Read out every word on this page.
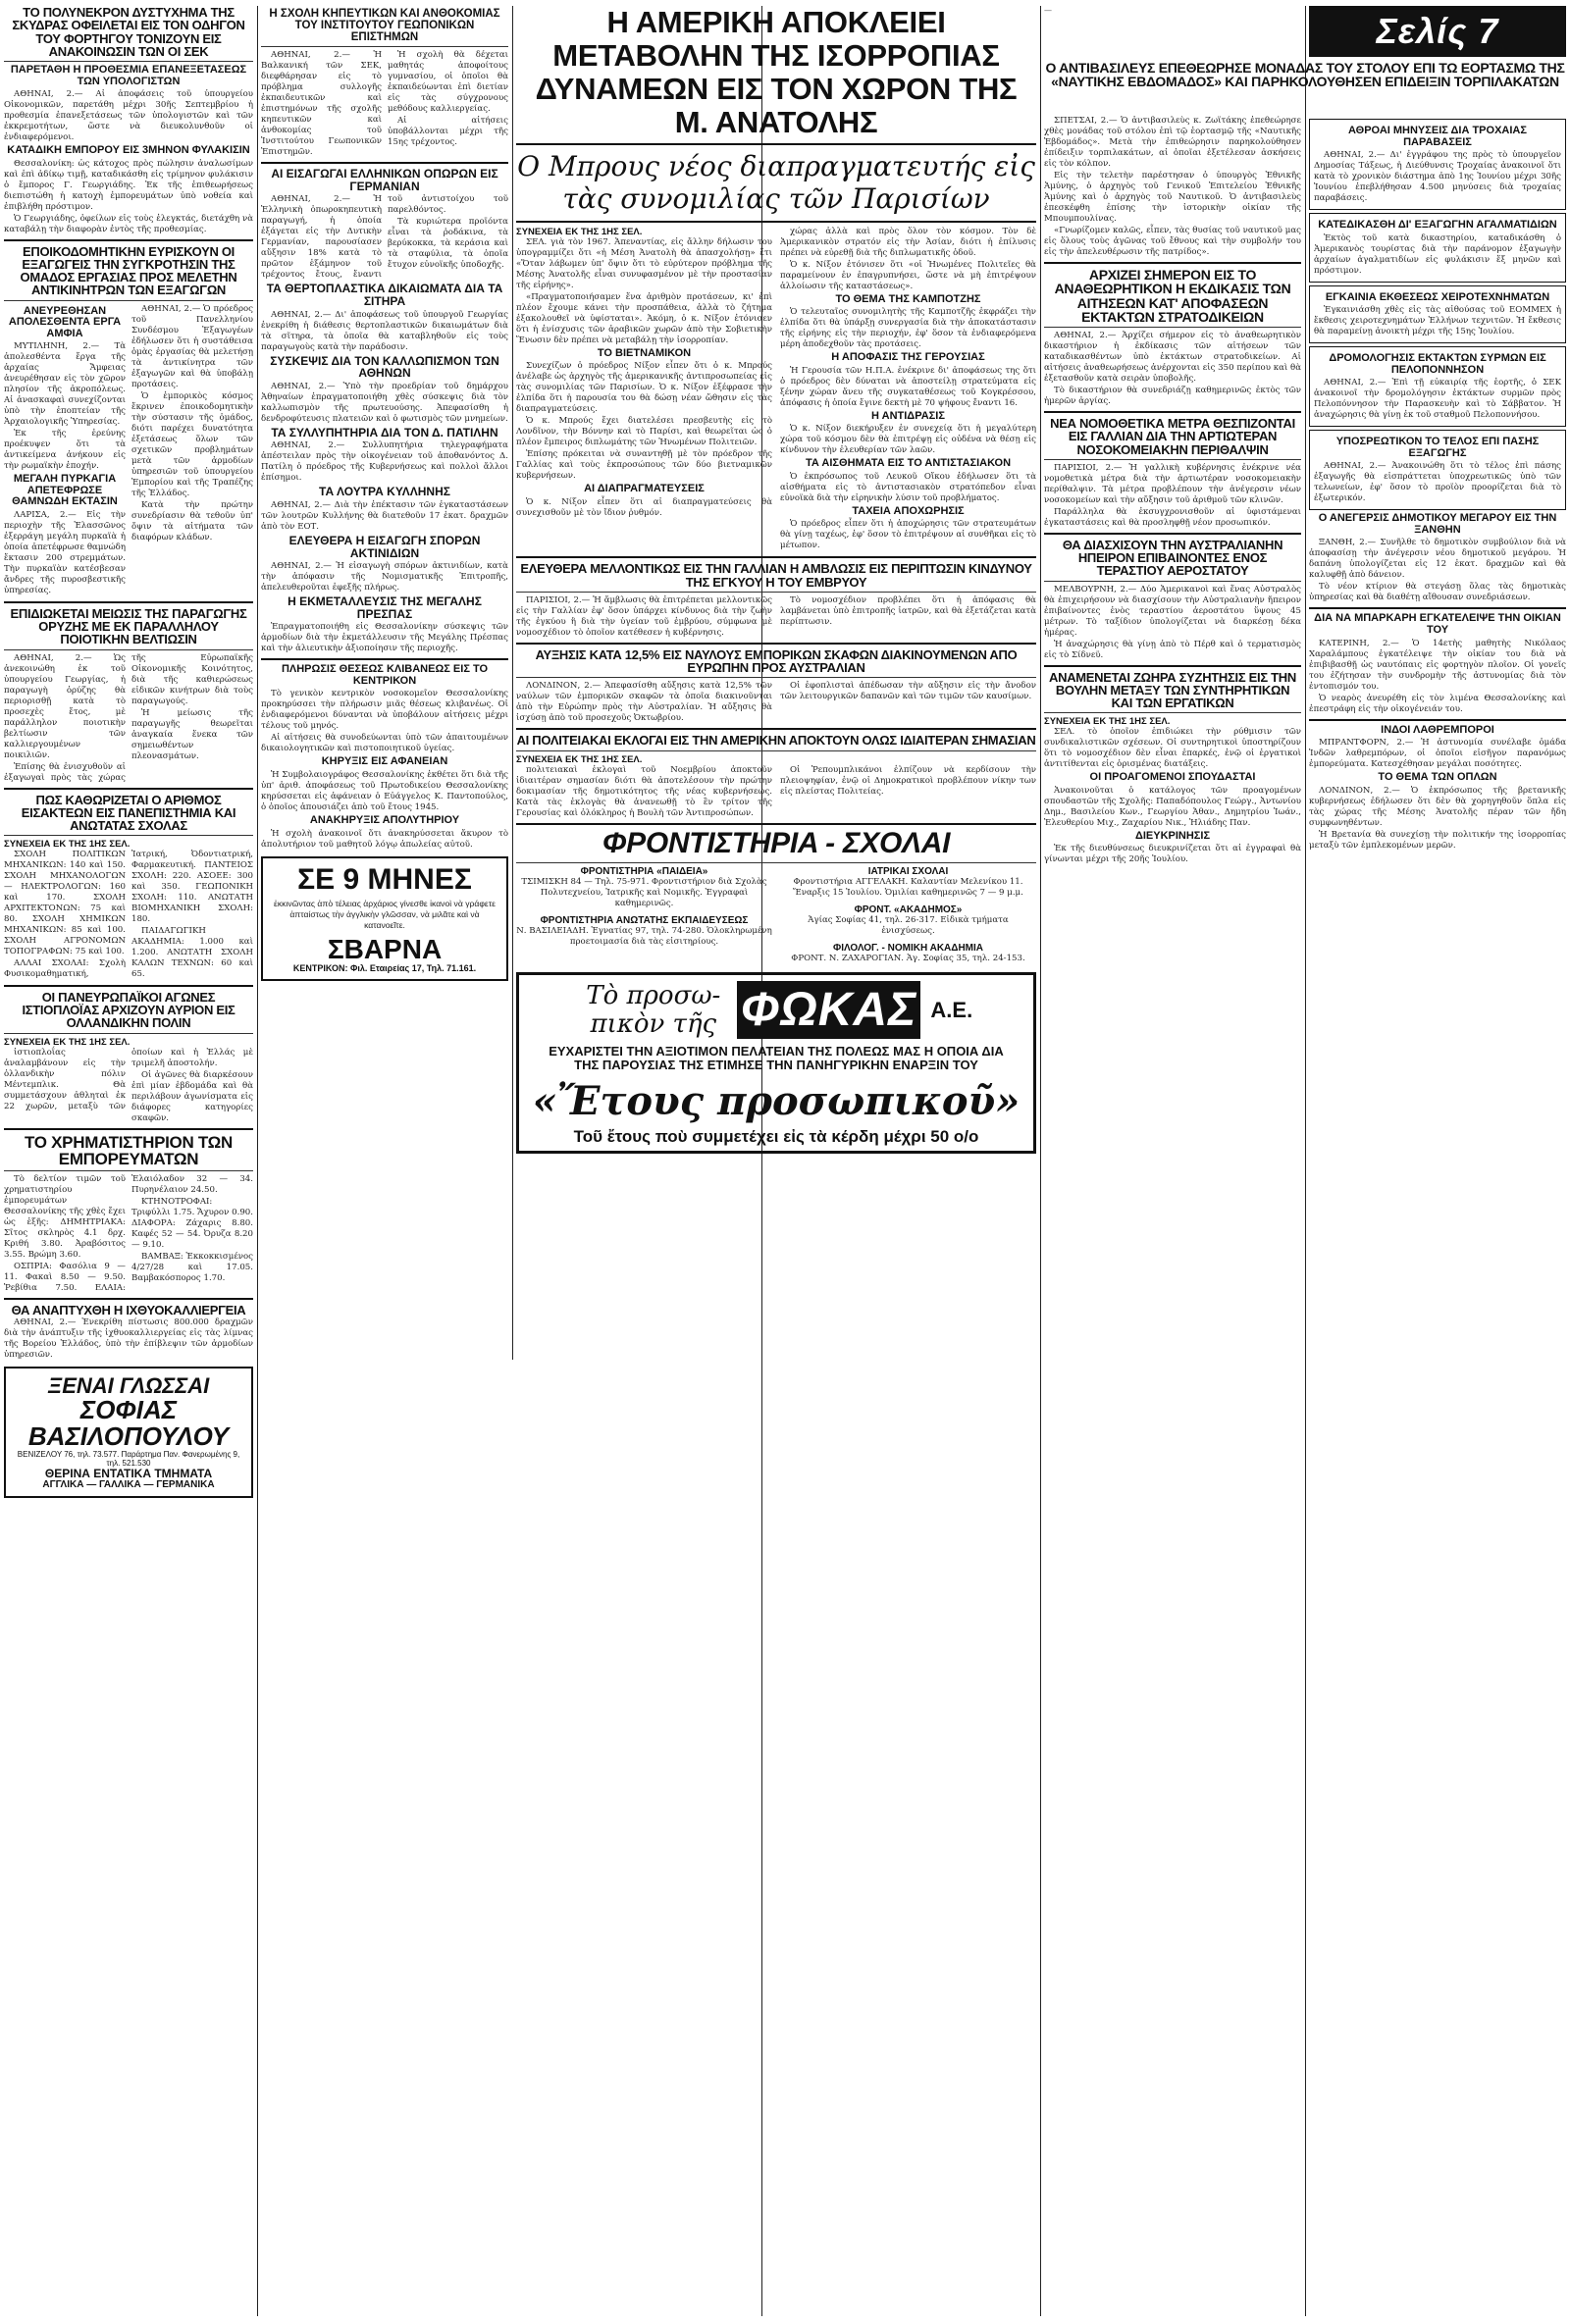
ΤΟ ΠΟΛΥΝΕΚΡΟΝ ΔΥΣΤΥΧΗΜΑ ΤΗΣ ΣΚΥΔΡΑΣ ΟΦΕΙΛΕΤΑΙ ΕΙΣ ΤΟΝ ΟΔΗΓΟΝ ΤΟΥ ΦΟΡΤΗΓΟΥ ΤΟΝΙΖΟΥΝ ΕΙΣ ΑΝΑΚΟΙΝΩΣΙΝ ΤΩΝ ΟΙ ΣΕΚ
ΠΑΡΕΤΑΘΗ Η ΠΡΟΘΕΣΜΙΑ ΕΠΑΝΕΞΕΤΑΣΕΩΣ ΤΩΝ ΥΠΟΛΟΓΙΣΤΩΝ

ΑΘΗΝΑΙ, 2.— Αἱ ἀποφάσεις τοῦ ὑπουργείου Οἰκονομικῶν, παρετάθη μέχρι 30ῆς Σεπτεμβρίου ἡ προθεσμία ἐπανεξετάσεως τῶν ὑπολογιστῶν καὶ τῶν ἐκκρεμοτήτων, ὥστε νὰ διευκολυνθοῦν οἱ ἐνδιαφερόμενοι.

ΚΑΤΑΔΙΚΗ ΕΜΠΟΡΟΥ ΕΙΣ 3ΜΗΝΟΝ ΦΥΛΑΚΙΣΙΝ

Θεσσαλονίκη: ὡς κάτοχος πρὸς πώλησιν ἀναλωσίμων καὶ ἐπὶ ἀδίκῳ τιμῇ, καταδικάσθη εἰς τρίμηνον φυλάκισιν ὁ ἔμπορος Γ. Γεωργιάδης. Ἐκ τῆς ἐπιθεωρήσεως διεπιστώθη ἡ κατοχὴ ἐμπορευμάτων ὑπὸ νοθεία καὶ ἐπιβλήθη πρόστιμον.

Ὁ Γεωργιάδης, ὀφείλων εἰς τοὺς ἐλεγκτάς, διετάχθη νὰ καταβάλῃ τὴν διαφορὰν ἐντὸς τῆς προθεσμίας.

ΕΠΟΙΚΟΔΟΜΗΤΙΚΗΝ ΕΥΡΙΣΚΟΥΝ ΟΙ ΕΞΑΓΩΓΕΙΣ ΤΗΝ ΣΥΓΚΡΟΤΗΣΙΝ ΤΗΣ ΟΜΑΔΟΣ ΕΡΓΑΣΙΑΣ ΠΡΟΣ ΜΕΛΕΤΗΝ ΑΝΤΙΚΙΝΗΤΡΩΝ ΤΩΝ ΕΞΑΓΩΓΩΝ
ΑΝΕΥΡΕΘΗΣΑΝ ΑΠΟΛΕΣΘΕΝΤΑ ΕΡΓΑ ΑΜΦΙΑ

ΜΥΤΙΛΗΝΗ, 2.— Τὰ ἀπολεσθέντα ἔργα τῆς ἀρχαίας Ἄμφειας ἀνευρέθησαν εἰς τὸν χῶρον πλησίον τῆς ἀκροπόλεως. Αἱ ἀνασκαφαὶ συνεχίζονται ὑπὸ τὴν ἐποπτείαν τῆς Ἀρχαιολογικῆς Ὑπηρεσίας.

Ἐκ τῆς ἐρεύνης προέκυψεν ὅτι τὰ ἀντικείμενα ἀνήκουν εἰς τὴν ρωμαϊκὴν ἐποχήν.

ΜΕΓΑΛΗ ΠΥΡΚΑΓΙΑ ΑΠΕΤΕΦΡΩΣΕ ΘΑΜΝΩΔΗ ΕΚΤΑΣΙΝ

ΛΑΡΙΣΑ, 2.— Εἰς τὴν περιοχὴν τῆς Ἐλασσῶνος ἐξερράγη μεγάλη πυρκαϊὰ ἡ ὁποία ἀπετέφρωσε θαμνώδη ἔκτασιν 200 στρεμμάτων. Τὴν πυρκαϊὰν κατέσβεσαν ἄνδρες τῆς πυροσβεστικῆς ὑπηρεσίας.

ΑΘΗΝΑΙ, 2.— Ὁ πρόεδρος τοῦ Πανελληνίου Συνδέσμου Ἐξαγωγέων ἐδήλωσεν ὅτι ἡ συστάθεισα ὁμὰς ἐργασίας θὰ μελετήσῃ τὰ ἀντικίνητρα τῶν ἐξαγωγῶν καὶ θὰ ὑποβάλῃ προτάσεις.

Ὁ ἐμπορικὸς κόσμος ἔκρινεν ἐποικοδομητικὴν τὴν σύστασιν τῆς ὁμάδος, διότι παρέχει δυνατότητα ἐξετάσεως ὅλων τῶν σχετικῶν προβλημάτων μετὰ τῶν ἀρμοδίων ὑπηρεσιῶν τοῦ ὑπουργείου Ἐμπορίου καὶ τῆς Τραπέζης τῆς Ἑλλάδος.

Κατὰ τὴν πρώτην συνεδρίασιν θὰ τεθοῦν ὑπ' ὄψιν τὰ αἰτήματα τῶν διαφόρων κλάδων.

ΕΠΙΔΙΩΚΕΤΑΙ ΜΕΙΩΣΙΣ ΤΗΣ ΠΑΡΑΓΩΓΗΣ ΟΡΥΖΗΣ ΜΕ ΕΚ ΠΑΡΑΛΛΗΛΟΥ ΠΟΙΟΤΙΚΗΝ ΒΕΛΤΙΩΣΙΝ

ΑΘΗΝΑΙ, 2.— Ὡς ἀνεκοινώθη ἐκ τοῦ ὑπουργείου Γεωργίας, ἡ παραγωγὴ ὀρύζης θὰ περιορισθῇ κατὰ τὸ προσεχὲς ἔτος, μὲ παράλληλον ποιοτικὴν βελτίωσιν τῶν καλλιεργουμένων ποικιλιῶν.

Ἐπίσης θὰ ἐνισχυθοῦν αἱ ἐξαγωγαὶ πρὸς τὰς χώρας τῆς Εὐρωπαϊκῆς Οἰκονομικῆς Κοινότητος, διὰ τῆς καθιερώσεως εἰδικῶν κινήτρων διὰ τοὺς παραγωγούς.

Ἡ μείωσις τῆς παραγωγῆς θεωρεῖται ἀναγκαία ἕνεκα τῶν σημειωθέντων πλεονασμάτων.

ΠΩΣ ΚΑΘΩΡΙΖΕΤΑΙ Ο ΑΡΙΘΜΟΣ ΕΙΣΑΚΤΕΩΝ ΕΙΣ ΠΑΝΕΠΙΣΤΗΜΙΑ ΚΑΙ ΑΝΩΤΑΤΑΣ ΣΧΟΛΑΣ
ΣΥΝΕΧΕΙΑ ΕΚ ΤΗΣ 1ΗΣ ΣΕΛ.

ΣΧΟΛΗ ΠΟΛΙΤΙΚΩΝ ΜΗΧΑΝΙΚΩΝ: 140 καὶ 150. ΣΧΟΛΗ ΜΗΧΑΝΟΛΟΓΩΝ — ΗΛΕΚΤΡΟΛΟΓΩΝ: 160 καὶ 170. ΣΧΟΛΗ ΑΡΧΙΤΕΚΤΟΝΩΝ: 75 καὶ 80. ΣΧΟΛΗ ΧΗΜΙΚΩΝ ΜΗΧΑΝΙΚΩΝ: 85 καὶ 100. ΣΧΟΛΗ ΑΓΡΟΝΟΜΩΝ ΤΟΠΟΓΡΑΦΩΝ: 75 καὶ 100.

ΑΛΛΑΙ ΣΧΟΛΑΙ: Σχολὴ Φυσικομαθηματική, Ἰατρική, Ὀδοντιατρική, Φαρμακευτική. ΠΑΝΤΕΙΟΣ ΣΧΟΛΗ: 220. ΑΣΟΕΕ: 300 καὶ 350. ΓΕΩΠΟΝΙΚΗ ΣΧΟΛΗ: 110. ΑΝΩΤΑΤΗ ΒΙΟΜΗΧΑΝΙΚΗ ΣΧΟΛΗ: 180.

ΠΑΙΔΑΓΩΓΙΚΗ ΑΚΑΔΗΜΙΑ: 1.000 καὶ 1.200. ΑΝΩΤΑΤΗ ΣΧΟΛΗ ΚΑΛΩΝ ΤΕΧΝΩΝ: 60 καὶ 65.

ΟΙ ΠΑΝΕΥΡΩΠΑΪΚΟΙ ΑΓΩΝΕΣ ΙΣΤΙΟΠΛΟΪΑΣ ΑΡΧΙΖΟΥΝ ΑΥΡΙΟΝ ΕΙΣ ΟΛΛΑΝΔΙΚΗΝ ΠΟΛΙΝ
ΣΥΝΕΧΕΙΑ ΕΚ ΤΗΣ 1ΗΣ ΣΕΛ.

ἰστιοπλοΐας ἀναλαμβάνουν εἰς τὴν ὀλλανδικὴν πόλιν Μέντεμπλικ. Θὰ συμμετάσχουν ἀθληταὶ ἐκ 22 χωρῶν, μεταξὺ τῶν ὁποίων καὶ ἡ Ἑλλάς μὲ τριμελῆ ἀποστολήν.

Οἱ ἀγῶνες θὰ διαρκέσουν ἐπὶ μίαν ἑβδομάδα καὶ θὰ περιλάβουν ἀγωνίσματα εἰς διάφορες κατηγορίες σκαφῶν.

ΤΟ ΧΡΗΜΑΤΙΣΤΗΡΙΟΝ ΤΩΝ ΕΜΠΟΡΕΥΜΑΤΩΝ

Τὸ δελτίον τιμῶν τοῦ χρηματιστηρίου ἐμπορευμάτων Θεσσαλονίκης τῆς χθὲς ἔχει ὡς ἑξῆς: ΔΗΜΗΤΡΙΑΚΑ: Σῖτος σκληρὸς 4.1 δρχ. Κριθή 3.80. Ἀραβόσιτος 3.55. Βρώμη 3.60.

ΟΣΠΡΙΑ: Φασόλια 9 — 11. Φακαὶ 8.50 — 9.50. Ῥεβίθια 7.50. ΕΛΑΙΑ: Ἐλαιόλαδον 32 — 34. Πυρηνέλαιον 24.50.

ΚΤΗΝΟΤΡΟΦΑΙ: Τριφύλλι 1.75. Ἄχυρον 0.90. ΔΙΑΦΟΡΑ: Ζάχαρις 8.80. Καφές 52 — 54. Ὀρυζα 8.20 — 9.10.

ΒΑΜΒΑΞ: Ἐκκοκκισμένος 4/27/28 καὶ 17.05. Βαμβακόσπορος 1.70.

ΘΑ ΑΝΑΠΤΥΧΘΗ Η ΙΧΘΥΟΚΑΛΛΙΕΡΓΕΙΑ

ΑΘΗΝΑΙ, 2.— Ἐνεκρίθη πίστωσις 800.000 δραχμῶν διὰ τὴν ἀνάπτυξιν τῆς ἰχθυοκαλλιεργείας εἰς τὰς λίμνας τῆς Βορείου Ἑλλάδος, ὑπὸ τὴν ἐπίβλεψιν τῶν ἁρμοδίων ὑπηρεσιῶν.

ΞΕΝΑΙ ΓΛΩΣΣΑΙ
ΣΟΦΙΑΣ ΒΑΣΙΛΟΠΟΥΛΟΥ
ΒΕΝΙΖΕΛΟΥ 76, τηλ. 73.577. Παράρτημα Παν. Φανερωμένης 9, τηλ. 521.530
ΘΕΡΙΝΑ ΕΝΤΑΤΙΚΑ ΤΜΗΜΑΤΑ
ΑΓΓΛΙΚΑ — ΓΑΛΛΙΚΑ — ΓΕΡΜΑΝΙΚΑ
Η ΣΧΟΛΗ ΚΗΠΕΥΤΙΚΩΝ ΚΑΙ ΑΝΘΟΚΟΜΙΑΣ ΤΟΥ ΙΝΣΤΙΤΟΥΤΟΥ ΓΕΩΠΟΝΙΚΩΝ ΕΠΙΣΤΗΜΩΝ

ΑΘΗΝΑΙ, 2.— Ἡ Βαλκανική τῶν ΣΕΚ, διεφθάρησαν εἰς τὸ πρόβλημα συλλογῆς ἐκπαιδευτικῶν καὶ ἐπιστημόνων τῆς σχολῆς κηπευτικῶν καὶ ἀνθοκομίας τοῦ Ἰνστιτούτου Γεωπονικῶν Ἐπιστημῶν.

Ἡ σχολὴ θὰ δέχεται μαθητάς ἀποφοίτους γυμνασίου, οἱ ὁποῖοι θὰ ἐκπαιδεύωνται ἐπὶ διετίαν εἰς τὰς σύγχρονους μεθόδους καλλιεργείας.

Αἱ αἰτήσεις ὑποβάλλονται μέχρι τῆς 15ης τρέχοντος.

ΑΙ ΕΙΣΑΓΩΓΑΙ ΕΛΛΗΝΙΚΩΝ ΟΠΩΡΩΝ ΕΙΣ ΓΕΡΜΑΝΙΑΝ

ΑΘΗΝΑΙ, 2.— Ἡ Ἑλληνικὴ ὀπωροκηπευτικὴ παραγωγή, ἡ ὁποία ἐξάγεται εἰς τὴν Δυτικὴν Γερμανίαν, παρουσίασεν αὔξησιν 18% κατὰ τὸ πρῶτον ἑξάμηνον τοῦ τρέχοντος ἔτους, ἔναντι τοῦ ἀντιστοίχου τοῦ παρελθόντος.

Τὰ κυριώτερα προϊόντα εἶναι τὰ ῥοδάκινα, τὰ βερύκοκκα, τὰ κεράσια καὶ τὰ σταφύλια, τὰ ὁποῖα ἔτυχον εὐνοϊκῆς ὑποδοχῆς.

ΤΑ ΘΕΡΤΟΠΛΑΣΤΙΚΑ ΔΙΚΑΙΩΜΑΤΑ ΔΙΑ ΤΑ ΣΙΤΗΡΑ

ΑΘΗΝΑΙ, 2.— Δι' ἀποφάσεως τοῦ ὑπουργοῦ Γεωργίας ἐνεκρίθη ἡ διάθεσις θερτοπλαστικῶν δικαιωμάτων διὰ τὰ σῖτηρα, τὰ ὁποῖα θὰ καταβληθοῦν εἰς τοὺς παραγωγοὺς κατὰ τὴν παράδοσιν.

ΣΥΣΚΕΨΙΣ ΔΙΑ ΤΟΝ ΚΑΛΛΩΠΙΣΜΟΝ ΤΩΝ ΑΘΗΝΩΝ

ΑΘΗΝΑΙ, 2.— Ὑπὸ τὴν προεδρίαν τοῦ δημάρχου Ἀθηναίων ἐπραγματοποιήθη χθὲς σύσκεψις διὰ τὸν καλλωπισμὸν τῆς πρωτευούσης. Ἀπεφασίσθη ἡ δενδροφύτευσις πλατειῶν καὶ ὁ φωτισμὸς τῶν μνημείων.

ΤΑ ΣΥΛΛΥΠΗΤΗΡΙΑ ΔΙΑ ΤΟΝ Δ. ΠΑΤΙΛΗΝ

ΑΘΗΝΑΙ, 2.— Συλλυπητήρια τηλεγραφήματα ἀπέστειλαν πρὸς τὴν οἰκογένειαν τοῦ ἀποθανόντος Δ. Πατίλη ὁ πρόεδρος τῆς Κυβερνήσεως καὶ πολλοὶ ἄλλοι ἐπίσημοι.

ΤΑ ΛΟΥΤΡΑ ΚΥΛΛΗΝΗΣ

ΑΘΗΝΑΙ, 2.— Διὰ τὴν ἐπέκτασιν τῶν ἐγκαταστάσεων τῶν λουτρῶν Κυλλήνης θὰ διατεθοῦν 17 ἑκατ. δραχμῶν ἀπὸ τὸν ΕΟΤ.

ΕΛΕΥΘΕΡΑ Η ΕΙΣΑΓΩΓΗ ΣΠΟΡΩΝ ΑΚΤΙΝΙΔΙΩΝ

ΑΘΗΝΑΙ, 2.— Ἡ εἰσαγωγὴ σπόρων ἀκτινιδίων, κατὰ τὴν ἀπόφασιν τῆς Νομισματικῆς Ἐπιτροπῆς, ἀπελευθεροῦται ἐφεξῆς πλήρως.

Η ΕΚΜΕΤΑΛΛΕΥΣΙΣ ΤΗΣ ΜΕΓΑΛΗΣ ΠΡΕΣΠΑΣ

Ἐπραγματοποιήθη εἰς Θεσσαλονίκην σύσκεψις τῶν ἀρμοδίων διὰ τὴν ἐκμετάλλευσιν τῆς Μεγάλης Πρέσπας καὶ τὴν ἀλιευτικὴν ἀξιοποίησιν τῆς περιοχῆς.

ΠΛΗΡΩΣΙΣ ΘΕΣΕΩΣ ΚΛΙΒΑΝΕΩΣ ΕΙΣ ΤΟ ΚΕΝΤΡΙΚΟΝ

Τὸ γενικὸν κεντρικὸν νοσοκομεῖον Θεσσαλονίκης προκηρύσσει τὴν πλήρωσιν μιᾶς θέσεως κλιβανέως. Οἱ ἐνδιαφερόμενοι δύνανται νὰ ὑποβάλουν αἰτήσεις μέχρι τέλους τοῦ μηνός.

Αἱ αἰτήσεις θὰ συνοδεύωνται ὑπὸ τῶν ἀπαιτουμένων δικαιολογητικῶν καὶ πιστοποιητικοῦ ὑγείας.

ΚΗΡΥΞΙΣ ΕΙΣ ΑΦΑΝΕΙΑΝ

Ἡ Συμβολαιογράφος Θεσσαλονίκης ἐκθέτει ὅτι διὰ τῆς ὑπ' ἀριθ. ἀποφάσεως τοῦ Πρωτοδικείου Θεσσαλονίκης κηρύσσεται εἰς ἀφάνειαν ὁ Εὐάγγελος Κ. Παντοπούλος, ὁ ὁποῖος ἀπουσιάζει ἀπὸ τοῦ ἔτους 1945.

ΑΝΑΚΗΡΥΞΙΣ ΑΠΟΛΥΤΗΡΙΟΥ

Ἡ σχολὴ ἀνακοινοῖ ὅτι ἀνακηρύσσεται ἄκυρον τὸ ἀπολυτήριον τοῦ μαθητοῦ λόγῳ ἀπωλείας αὐτοῦ.

ΣΕ 9 ΜΗΝΕΣ
ἐκκινῶντας ἀπὸ τέλειας ἀρχάριος γίνεσθε ἱκανοὶ νὰ γράφετε ἀπταίστως τὴν ἀγγλικὴν γλῶσσαν, νὰ μιλᾶτε καὶ νὰ κατανοεῖτε.
ΣΒΑΡΝΑ
ΚΕΝΤΡΙΚΟΝ: Φιλ. Εταιρείας 17, Τηλ. 71.161.
Η ΑΜΕΡΙΚΗ ΑΠΟΚΛΕΙΕΙ ΜΕΤΑΒΟΛΗΝ ΤΗΣ ΙΣΟΡΡΟΠΙΑΣ ΔΥΝΑΜΕΩΝ ΕΙΣ ΤΟΝ ΧΩΡΟΝ ΤΗΣ Μ. ΑΝΑΤΟΛΗΣ
Ο Μπρους νέος διαπραγματευτής εἰς τὰς συνομιλίας τῶν Παρισίων
ΣΥΝΕΧΕΙΑ ΕΚ ΤΗΣ 1ΗΣ ΣΕΛ.

ΣΕΛ. γιὰ τὸν 1967. Ἀπεναντίας, εἰς ἄλλην δήλωσιν του ὑπογραμμίζει ὅτι «ἡ Μέση Ἀνατολὴ θὰ ἀπασχολήσῃ» ἔτι «Ὅταν λάβωμεν ὑπ' ὄψιν ὅτι τὸ εὐρύτερον πρόβλημα τῆς Μέσης Ἀνατολῆς εἶναι συνυφασμένον μὲ τὴν προστασίαν τῆς εἰρήνης».

«Πραγματοποιήσαμεν ἕνα ἀριθμὸν προτάσεων, κι' ἐπὶ πλέον ἔχουμε κάνει τὴν προσπάθεια, ἀλλὰ τὸ ζήτημα ἐξακολουθεῖ νὰ ὑφίσταται». Ἀκόμη, ὁ κ. Νίξον ἐτόνισεν ὅτι ἡ ἐνίσχυσις τῶν ἀραβικῶν χωρῶν ἀπὸ τὴν Σοβιετικὴν Ἕνωσιν δὲν πρέπει νὰ μεταβάλῃ τὴν ἰσορροπίαν.

ΤΟ ΒΙΕΤΝΑΜΙΚΟΝ

Συνεχίζων ὁ πρόεδρος Νίξον εἶπεν ὅτι ὁ κ. Μπρούς ἀνέλαβε ὡς ἀρχηγὸς τῆς ἀμερικανικῆς ἀντιπροσωπείας εἰς τὰς συνομιλίας τῶν Παρισίων. Ὁ κ. Νίξον ἐξέφρασε τὴν ἐλπίδα ὅτι ἡ παρουσία του θὰ δώσῃ νέαν ὤθησιν εἰς τὰς διαπραγματεύσεις.

Ὁ κ. Μπρούς ἔχει διατελέσει πρεσβευτὴς εἰς τὸ Λονδῖνον, τὴν Βόννην καὶ τὸ Παρίσι, καὶ θεωρεῖται ὡς ὁ πλέον ἔμπειρος διπλωμάτης τῶν Ἡνωμένων Πολιτειῶν.

Ἐπίσης πρόκειται νὰ συναντηθῇ μὲ τὸν πρόεδρον τῆς Γαλλίας καὶ τοὺς ἐκπροσώπους τῶν δύο βιετναμικῶν κυβερνήσεων.

ΑΙ ΔΙΑΠΡΑΓΜΑΤΕΥΣΕΙΣ

Ὁ κ. Νίξον εἶπεν ὅτι αἱ διαπραγματεύσεις θὰ συνεχισθοῦν μὲ τὸν ἴδιον ῥυθμόν.

χώρας ἀλλὰ καὶ πρὸς ὅλον τὸν κόσμον. Τὸν δὲ Ἀμερικανικὸν στρατόν εἰς τὴν Ἀσίαν, διότι ἡ ἐπίλυσις πρέπει νὰ εὐρεθῇ διὰ τῆς διπλωματικῆς ὁδοῦ.

Ὁ κ. Νίξον ἐτόνισεν ὅτι «οἱ Ἡνωμένες Πολιτεῖες θὰ παραμείνουν ἐν ἐπαγρυπνήσει, ὥστε νὰ μὴ ἐπιτρέψουν ἀλλοίωσιν τῆς καταστάσεως».

ΤΟ ΘΕΜΑ ΤΗΣ ΚΑΜΠΟΤΖΗΣ

Ὁ τελευταῖος συνομιλητὴς τῆς Καμποτζῆς ἐκφράζει τὴν ἐλπίδα ὅτι θὰ ὑπάρξῃ συνεργασία διὰ τὴν ἀποκατάστασιν τῆς εἰρήνης εἰς τὴν περιοχήν, ἐφ' ὅσον τὰ ἐνδιαφερόμενα μέρη ἀποδεχθοῦν τὰς προτάσεις.

Η ΑΠΟΦΑΣΙΣ ΤΗΣ ΓΕΡΟΥΣΙΑΣ

Ἡ Γερουσία τῶν Η.Π.Α. ἐνέκρινε δι' ἀποφάσεως της ὅτι ὁ πρόεδρος δὲν δύναται νὰ ἀποστείλῃ στρατεύματα εἰς ξένην χώραν ἄνευ τῆς συγκαταθέσεως τοῦ Κογκρέσσου, ἀπόφασις ἡ ὁποία ἔγινε δεκτὴ μὲ 70 ψήφους ἔναντι 16.

Η ΑΝΤΙΔΡΑΣΙΣ

Ὁ κ. Νίξον διεκήρυξεν ἐν συνεχείᾳ ὅτι ἡ μεγαλύτερη χώρα τοῦ κόσμου δὲν θὰ ἐπιτρέψῃ εἰς οὐδένα νὰ θέσῃ εἰς κίνδυνον τὴν ἐλευθερίαν τῶν λαῶν.

ΤΑ ΑΙΣΘΗΜΑΤΑ ΕΙΣ ΤΟ ΑΝΤΙΣΤΑΣΙΑΚΟΝ

Ὁ ἐκπρόσωπος τοῦ Λευκοῦ Οἴκου ἐδήλωσεν ὅτι τὰ αἰσθήματα εἰς τὸ ἀντιστασιακὸν στρατόπεδον εἶναι εὐνοϊκὰ διὰ τὴν εἰρηνικὴν λύσιν τοῦ προβλήματος.

ΤΑΧΕΙΑ ΑΠΟΧΩΡΗΣΙΣ

Ὁ πρόεδρος εἶπεν ὅτι ἡ ἀποχώρησις τῶν στρατευμάτων θὰ γίνῃ ταχέως, ἐφ' ὅσον τὸ ἐπιτρέψουν αἱ συνθῆκαι εἰς τὸ μέτωπον.

ΕΛΕΥΘΕΡΑ ΜΕΛΛΟΝΤΙΚΩΣ ΕΙΣ ΤΗΝ ΓΑΛΛΙΑΝ Η ΑΜΒΛΩΣΙΣ ΕΙΣ ΠΕΡΙΠΤΩΣΙΝ ΚΙΝΔΥΝΟΥ ΤΗΣ ΕΓΚΥΟΥ Η ΤΟΥ ΕΜΒΡΥΟΥ

ΠΑΡΙΣΙΟΙ, 2.— Ἡ ἄμβλωσις θὰ ἐπιτρέπεται μελλοντικῶς εἰς τὴν Γαλλίαν ἐφ' ὅσον ὑπάρχει κίνδυνος διὰ τὴν ζωὴν τῆς ἐγκύου ἢ διὰ τὴν ὑγείαν τοῦ ἐμβρύου, σύμφωνα μὲ νομοσχέδιον τὸ ὁποῖον κατέθεσεν ἡ κυβέρνησις.

Τὸ νομοσχέδιον προβλέπει ὅτι ἡ ἀπόφασις θὰ λαμβάνεται ὑπὸ ἐπιτροπῆς ἰατρῶν, καὶ θὰ ἐξετάζεται κατὰ περίπτωσιν.

ΑΥΞΗΣΙΣ ΚΑΤΑ 12,5% ΕΙΣ ΝΑΥΛΟΥΣ ΕΜΠΟΡΙΚΩΝ ΣΚΑΦΩΝ ΔΙΑΚΙΝΟΥΜΕΝΩΝ ΑΠΟ ΕΥΡΩΠΗΝ ΠΡΟΣ ΑΥΣΤΡΑΛΙΑΝ

ΛΟΝΔΙΝΟΝ, 2.— Ἀπεφασίσθη αὔξησις κατὰ 12,5% τῶν ναύλων τῶν ἐμπορικῶν σκαφῶν τὰ ὁποῖα διακινοῦνται ἀπὸ τὴν Εὐρώπην πρὸς τὴν Αὐστραλίαν. Ἡ αὔξησις θὰ ἰσχύσῃ ἀπὸ τοῦ προσεχοῦς Ὀκτωβρίου.

Οἱ ἐφοπλισταὶ ἀπέδωσαν τὴν αὔξησιν εἰς τὴν ἄνοδον τῶν λειτουργικῶν δαπανῶν καὶ τῶν τιμῶν τῶν καυσίμων.

ΑΙ ΠΟΛΙΤΕΙΑΚΑΙ ΕΚΛΟΓΑΙ ΕΙΣ ΤΗΝ ΑΜΕΡΙΚΗΝ ΑΠΟΚΤΟΥΝ ΟΛΩΣ ΙΔΙΑΙΤΕΡΑΝ ΣΗΜΑΣΙΑΝ
ΣΥΝΕΧΕΙΑ ΕΚ ΤΗΣ 1ΗΣ ΣΕΛ.

πολιτειακαὶ ἐκλογαὶ τοῦ Νοεμβρίου ἀποκτοῦν ἰδιαιτέραν σημασίαν διότι θὰ ἀποτελέσουν τὴν πρώτην δοκιμασίαν τῆς δημοτικότητος τῆς νέας κυβερνήσεως. Κατὰ τὰς ἐκλογὰς θὰ ἀνανεωθῇ τὸ ἓν τρίτον τῆς Γερουσίας καὶ ὁλόκληρος ἡ Βουλὴ τῶν Ἀντιπροσώπων.

Οἱ Ῥεπουμπλικάνοι ἐλπίζουν νὰ κερδίσουν τὴν πλειοψηφίαν, ἐνῷ οἱ Δημοκρατικοὶ προβλέπουν νίκην των εἰς πλείστας Πολιτείας.

ΦΡΟΝΤΙΣΤΗΡΙΑ - ΣΧΟΛΑΙ
ΦΡΟΝΤΙΣΤΗΡΙΑ «ΠΑΙΔΕΙΑ»
ΤΣΙΜΙΣΚΗ 84 — Τηλ. 75-971. Φροντιστήριον διὰ Σχολὰς Πολυτεχνείου, Ἰατρικῆς καὶ Νομικῆς. Ἐγγραφαὶ καθημερινῶς.
ΦΡΟΝΤΙΣΤΗΡΙΑ ΑΝΩΤΑΤΗΣ ΕΚΠΑΙΔΕΥΣΕΩΣ
Ν. ΒΑΣΙΛΕΙΑΔΗ. Ἐγνατίας 97, τηλ. 74-280. Ὁλοκληρωμένη προετοιμασία διὰ τὰς εἰσιτηρίους.
ΙΑΤΡΙΚΑΙ ΣΧΟΛΑΙ
Φροντιστήρια ΑΓΓΕΛΑΚΗ. Καλαντίαν Μελενίκου 11. Ἔναρξις 15 Ἰουλίου. Ὁμιλίαι καθημερινῶς 7 — 9 μ.μ.
ΦΡΟΝΤ. «ΑΚΑΔΗΜΟΣ»
Ἀγίας Σοφίας 41, τηλ. 26-317. Εἰδικὰ τμήματα ἐνισχύσεως.
ΦΙΛΟΛΟΓ. - ΝΟΜΙΚΗ ΑΚΑΔΗΜΙΑ
ΦΡΟΝΤ. Ν. ΖΑΧΑΡΟΓΙΑΝ. Ἁγ. Σοφίας 35, τηλ. 24-153.
Τὸ προσω-πικὸν τῆς ΦΩΚΑΣ Α.Ε.
ΕΥΧΑΡΙΣΤΕΙ ΤΗΝ ΑΞΙΟΤΙΜΟΝ ΠΕΛΑΤΕΙΑΝ ΤΗΣ ΠΟΛΕΩΣ ΜΑΣ Η ΟΠΟΙΑ ΔΙΑ ΤΗΣ ΠΑΡΟΥΣΙΑΣ ΤΗΣ ΕΤΙΜΗΣΕ ΤΗΝ ΠΑΝΗΓΥΡΙΚΗΝ ΕΝΑΡΞΙΝ ΤΟΥ
«Ἔτους προσωπικοῦ»
Τοῦ ἔτους ποὺ συμμετέχει εἰς τὰ κέρδη μέχρι 50 ο/ο
—
Ο ΑΝΤΙΒΑΣΙΛΕΥΣ ΕΠΕΘΕΩΡΗΣΕ ΜΟΝΑΔΑΣ ΤΟΥ ΣΤΟΛΟΥ ΕΠΙ ΤΩ ΕΟΡΤΑΣΜΩ ΤΗΣ «ΝΑΥΤΙΚΗΣ ΕΒΔΟΜΑΔΟΣ» ΚΑΙ ΠΑΡΗΚΟΛΟΥΘΗΣΕΝ ΕΠΙΔΕΙΞΙΝ ΤΟΡΠΙΛΑΚΑΤΩΝ

ΣΠΕΤΣΑΙ, 2.— Ὁ ἀντιβασιλεὺς κ. Ζωϊτάκης ἐπεθεώρησε χθὲς μονάδας τοῦ στόλου ἐπὶ τῷ ἑορτασμῷ τῆς «Ναυτικῆς Ἑβδομάδος». Μετὰ τὴν ἐπιθεώρησιν παρηκολούθησεν ἐπίδειξιν τορπιλακάτων, αἱ ὁποῖαι ἐξετέλεσαν ἀσκήσεις εἰς τὸν κόλπον.

Εἰς τὴν τελετὴν παρέστησαν ὁ ὑπουργὸς Ἐθνικῆς Ἀμύνης, ὁ ἀρχηγὸς τοῦ Γενικοῦ Ἐπιτελείου Ἐθνικῆς Ἀμύνης καὶ ὁ ἀρχηγὸς τοῦ Ναυτικοῦ. Ὁ ἀντιβασιλεὺς ἐπεσκέφθη ἐπίσης τὴν ἱστορικὴν οἰκίαν τῆς Μπουμπουλίνας.

«Γνωρίζομεν καλῶς, εἶπεν, τὰς θυσίας τοῦ ναυτικοῦ μας εἰς ὅλους τοὺς ἀγῶνας τοῦ ἔθνους καὶ τὴν συμβολήν του εἰς τὴν ἀπελευθέρωσιν τῆς πατρίδος».

ΑΡΧΙΖΕΙ ΣΗΜΕΡΟΝ ΕΙΣ ΤΟ ΑΝΑΘΕΩΡΗΤΙΚΟΝ Η ΕΚΔΙΚΑΣΙΣ ΤΩΝ ΑΙΤΗΣΕΩΝ ΚΑΤ' ΑΠΟΦΑΣΕΩΝ ΕΚΤΑΚΤΩΝ ΣΤΡΑΤΟΔΙΚΕΙΩΝ

ΑΘΗΝΑΙ, 2.— Ἀρχίζει σήμερον εἰς τὸ ἀναθεωρητικὸν δικαστήριον ἡ ἐκδίκασις τῶν αἰτήσεων τῶν καταδικασθέντων ὑπὸ ἐκτάκτων στρατοδικείων. Αἱ αἰτήσεις ἀναθεωρήσεως ἀνέρχονται εἰς 350 περίπου καὶ θὰ ἐξετασθοῦν κατὰ σειρὰν ὑποβολῆς.

Τὸ δικαστήριον θὰ συνεδριάζῃ καθημερινῶς ἐκτὸς τῶν ἡμερῶν ἀργίας.

ΝΕΑ ΝΟΜΟΘΕΤΙΚΑ ΜΕΤΡΑ ΘΕΣΠΙΖΟΝΤΑΙ ΕΙΣ ΓΑΛΛΙΑΝ ΔΙΑ ΤΗΝ ΑΡΤΙΩΤΕΡΑΝ ΝΟΣΟΚΟΜΕΙΑΚΗΝ ΠΕΡΙΘΑΛΨΙΝ

ΠΑΡΙΣΙΟΙ, 2.— Ἡ γαλλικὴ κυβέρνησις ἐνέκρινε νέα νομοθετικὰ μέτρα διὰ τὴν ἀρτιωτέραν νοσοκομειακὴν περίθαλψιν. Τὰ μέτρα προβλέπουν τὴν ἀνέγερσιν νέων νοσοκομείων καὶ τὴν αὔξησιν τοῦ ἀριθμοῦ τῶν κλινῶν.

Παράλληλα θὰ ἐκσυγχρονισθοῦν αἱ ὑφιστάμεναι ἐγκαταστάσεις καὶ θὰ προσληφθῇ νέον προσωπικόν.

ΘΑ ΔΙΑΣΧΙΣΟΥΝ ΤΗΝ ΑΥΣΤΡΑΛΙΑΝΗΝ ΗΠΕΙΡΟΝ ΕΠΙΒΑΙΝΟΝΤΕΣ ΕΝΟΣ ΤΕΡΑΣΤΙΟΥ ΑΕΡΟΣΤΑΤΟΥ

ΜΕΛΒΟΥΡΝΗ, 2.— Δύο Ἀμερικανοὶ καὶ ἕνας Αὐστραλὸς θὰ ἐπιχειρήσουν νὰ διασχίσουν τὴν Αὐστραλιανὴν ἤπειρον ἐπιβαίνοντες ἑνὸς τεραστίου ἀεροστάτου ὕψους 45 μέτρων. Τὸ ταξίδιον ὑπολογίζεται νὰ διαρκέσῃ δέκα ἡμέρας.

Ἡ ἀναχώρησις θὰ γίνῃ ἀπὸ τὸ Πέρθ καὶ ὁ τερματισμὸς εἰς τὸ Σίδνεϋ.

ΑΝΑΜΕΝΕΤΑΙ ΖΩΗΡΑ ΣΥΖΗΤΗΣΙΣ ΕΙΣ ΤΗΝ ΒΟΥΛΗΝ ΜΕΤΑΞΥ ΤΩΝ ΣΥΝΤΗΡΗΤΙΚΩΝ ΚΑΙ ΤΩΝ ΕΡΓΑΤΙΚΩΝ
ΣΥΝΕΧΕΙΑ ΕΚ ΤΗΣ 1ΗΣ ΣΕΛ.

ΣΕΛ. τὸ ὁποῖον ἐπιδιώκει τὴν ρύθμισιν τῶν συνδικαλιστικῶν σχέσεων. Οἱ συντηρητικοὶ ὑποστηρίζουν ὅτι τὸ νομοσχέδιον δὲν εἶναι ἐπαρκές, ἐνῷ οἱ ἐργατικοὶ ἀντιτίθενται εἰς ὁρισμένας διατάξεις.

ΟΙ ΠΡΟΑΓΟΜΕΝΟΙ ΣΠΟΥΔΑΣΤΑΙ

Ἀνακοινοῦται ὁ κατάλογος τῶν προαγομένων σπουδαστῶν τῆς Σχολῆς: Παπαδόπουλος Γεώργ., Ἀντωνίου Δημ., Βασιλείου Κων., Γεωργίου Ἀθαν., Δημητρίου Ἰωάν., Ἐλευθερίου Μιχ., Ζαχαρίου Νικ., Ἠλιάδης Παν.

ΔΙΕΥΚΡΙΝΗΣΙΣ

Ἐκ τῆς διευθύνσεως διευκρινίζεται ὅτι αἱ ἐγγραφαὶ θὰ γίνωνται μέχρι τῆς 20ῆς Ἰουλίου.

Σελίς 7
ΑΘΡΟΑΙ ΜΗΝΥΣΕΙΣ ΔΙΑ ΤΡΟΧΑΙΑΣ ΠΑΡΑΒΑΣΕΙΣ

ΑΘΗΝΑΙ, 2.— Δι' ἐγγράφου της πρὸς τὸ ὑπουργεῖον Δημοσίας Τάξεως, ἡ Διεύθυνσις Τροχαίας ἀνακοινοῖ ὅτι κατὰ τὸ χρονικὸν διάστημα ἀπὸ 1ης Ἰουνίου μέχρι 30ῆς Ἰουνίου ἐπεβλήθησαν 4.500 μηνύσεις διὰ τροχαίας παραβάσεις.

ΚΑΤΕΔΙΚΑΣΘΗ ΔΙ' ΕΞΑΓΩΓΗΝ ΑΓΑΛΜΑΤΙΔΙΩΝ

Ἐκτὸς τοῦ κατὰ δικαστηρίου, καταδικάσθη ὁ Ἀμερικανὸς τουρίστας διὰ τὴν παράνομον ἐξαγωγὴν ἀρχαίων ἀγαλματιδίων εἰς φυλάκισιν ἕξ μηνῶν καὶ πρόστιμον.

ΕΓΚΑΙΝΙΑ ΕΚΘΕΣΕΩΣ ΧΕΙΡΟΤΕΧΝΗΜΑΤΩΝ

Ἐγκαινιάσθη χθὲς εἰς τὰς αἰθούσας τοῦ ΕΟΜΜΕΧ ἡ ἔκθεσις χειροτεχνημάτων Ἑλλήνων τεχνιτῶν. Ἡ ἔκθεσις θὰ παραμείνῃ ἀνοικτὴ μέχρι τῆς 15ης Ἰουλίου.

ΔΡΟΜΟΛΟΓΗΣΙΣ ΕΚΤΑΚΤΩΝ ΣΥΡΜΩΝ ΕΙΣ ΠΕΛΟΠΟΝΝΗΣΟΝ

ΑΘΗΝΑΙ, 2.— Ἐπὶ τῇ εὐκαιρίᾳ τῆς ἑορτῆς, ὁ ΣΕΚ ἀνακοινοῖ τὴν δρομολόγησιν ἐκτάκτων συρμῶν πρὸς Πελοπόννησον τὴν Παρασκευὴν καὶ τὸ Σάββατον. Ἡ ἀναχώρησις θὰ γίνῃ ἐκ τοῦ σταθμοῦ Πελοποννήσου.

ΥΠΟΣΡΕΩΤΙΚΟΝ ΤΟ ΤΕΛΟΣ ΕΠΙ ΠΑΣΗΣ ΕΞΑΓΩΓΗΣ

ΑΘΗΝΑΙ, 2.— Ἀνακοινώθη ὅτι τὸ τέλος ἐπὶ πάσης ἐξαγωγῆς θὰ εἰσπράττεται ὑποχρεωτικῶς ὑπὸ τῶν τελωνείων, ἐφ' ὅσον τὸ προϊὸν προορίζεται διὰ τὸ ἐξωτερικόν.

Ο ΑΝΕΓΕΡΣΙΣ ΔΗΜΟΤΙΚΟΥ ΜΕΓΑΡΟΥ ΕΙΣ ΤΗΝ ΞΑΝΘΗΝ

ΞΑΝΘΗ, 2.— Συνῆλθε τὸ δημοτικὸν συμβούλιον διὰ νὰ ἀποφασίσῃ τὴν ἀνέγερσιν νέου δημοτικοῦ μεγάρου. Ἡ δαπάνη ὑπολογίζεται εἰς 12 ἑκατ. δραχμῶν καὶ θὰ καλυφθῇ ἀπὸ δάνειον.

Τὸ νέον κτίριον θὰ στεγάσῃ ὅλας τὰς δημοτικὰς ὑπηρεσίας καὶ θὰ διαθέτῃ αἴθουσαν συνεδριάσεων.

ΔΙΑ ΝΑ ΜΠΑΡΚΑΡΗ ΕΓΚΑΤΕΛΕΙΨΕ ΤΗΝ ΟΙΚΙΑΝ ΤΟΥ

ΚΑΤΕΡΙΝΗ, 2.— Ὁ 14ετὴς μαθητὴς Νικόλαος Χαραλάμπους ἐγκατέλειψε τὴν οἰκίαν του διὰ νὰ ἐπιβιβασθῇ ὡς ναυτόπαις εἰς φορτηγὸν πλοῖον. Οἱ γονεῖς του ἐζήτησαν τὴν συνδρομὴν τῆς ἀστυνομίας διὰ τὸν ἐντοπισμόν του.

Ὁ νεαρὸς ἀνευρέθη εἰς τὸν λιμένα Θεσσαλονίκης καὶ ἐπεστράφη εἰς τὴν οἰκογένειάν του.

ΙΝΔΟΙ ΛΑΘΡΕΜΠΟΡΟΙ

ΜΠΡΑΝΤΦΟΡΝ, 2.— Ἡ ἀστυνομία συνέλαβε ὁμάδα Ἰνδῶν λαθρεμπόρων, οἱ ὁποῖοι εἰσῆγον παρανόμως ἐμπορεύματα. Κατεσχέθησαν μεγάλαι ποσότητες.

ΤΟ ΘΕΜΑ ΤΩΝ ΟΠΛΩΝ

ΛΟΝΔΙΝΟΝ, 2.— Ὁ ἐκπρόσωπος τῆς βρετανικῆς κυβερνήσεως ἐδήλωσεν ὅτι δὲν θὰ χορηγηθοῦν ὅπλα εἰς τὰς χώρας τῆς Μέσης Ἀνατολῆς πέραν τῶν ἤδη συμφωνηθέντων.

Ἡ Βρετανία θὰ συνεχίσῃ τὴν πολιτικήν της ἰσορροπίας μεταξὺ τῶν ἐμπλεκομένων μερῶν.
